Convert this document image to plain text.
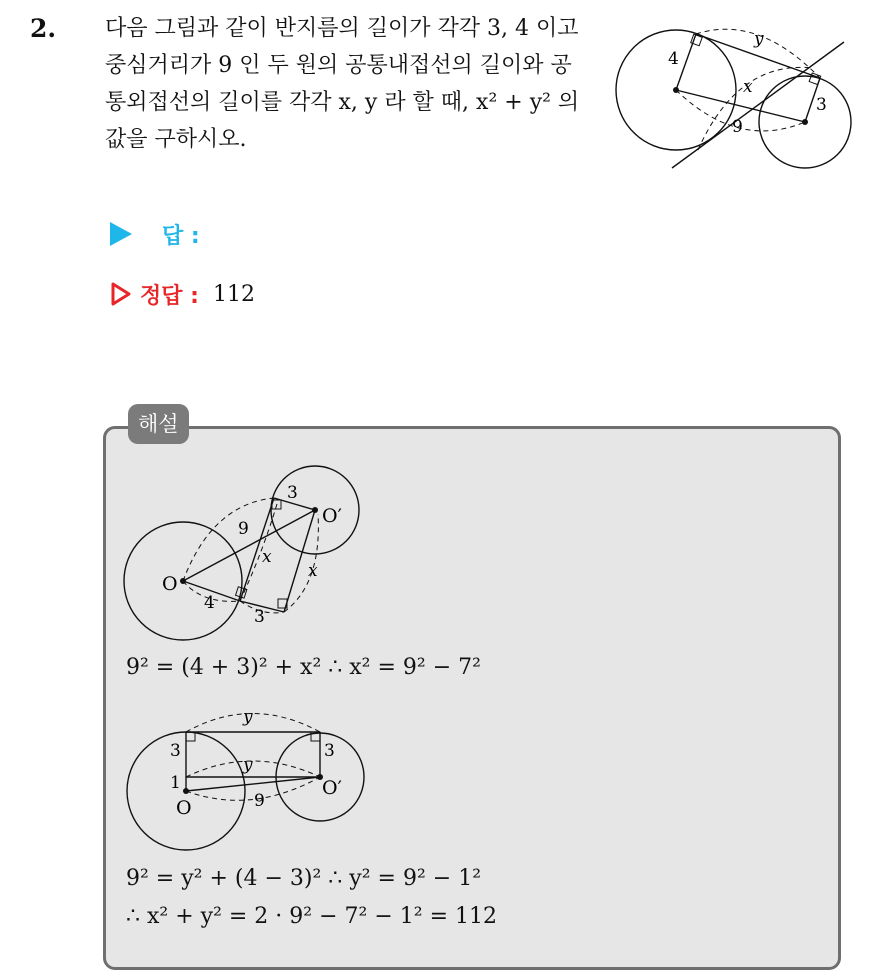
2. 다음 그림과 같이 반지름의 길이가 각각 3, 4 이고 중심거리가 9 인 두 원의 공통내접선의 길이와 공통외접선의 길이를 각각 x, y 라 할 때, x² + y² 의 값을 구하시오.
4
3
9
x
y
답 :
정답 : 112
해설
O
O′
9
3
4
3
x
x
9² = (4 + 3)² + x² ∴ x² = 9² − 7²
y
y
3	3
1
O
O′
9
9² = y² + (4 − 3)² ∴ y² = 9² − 1²
∴ x² + y² = 2 · 9² − 7² − 1² = 112
